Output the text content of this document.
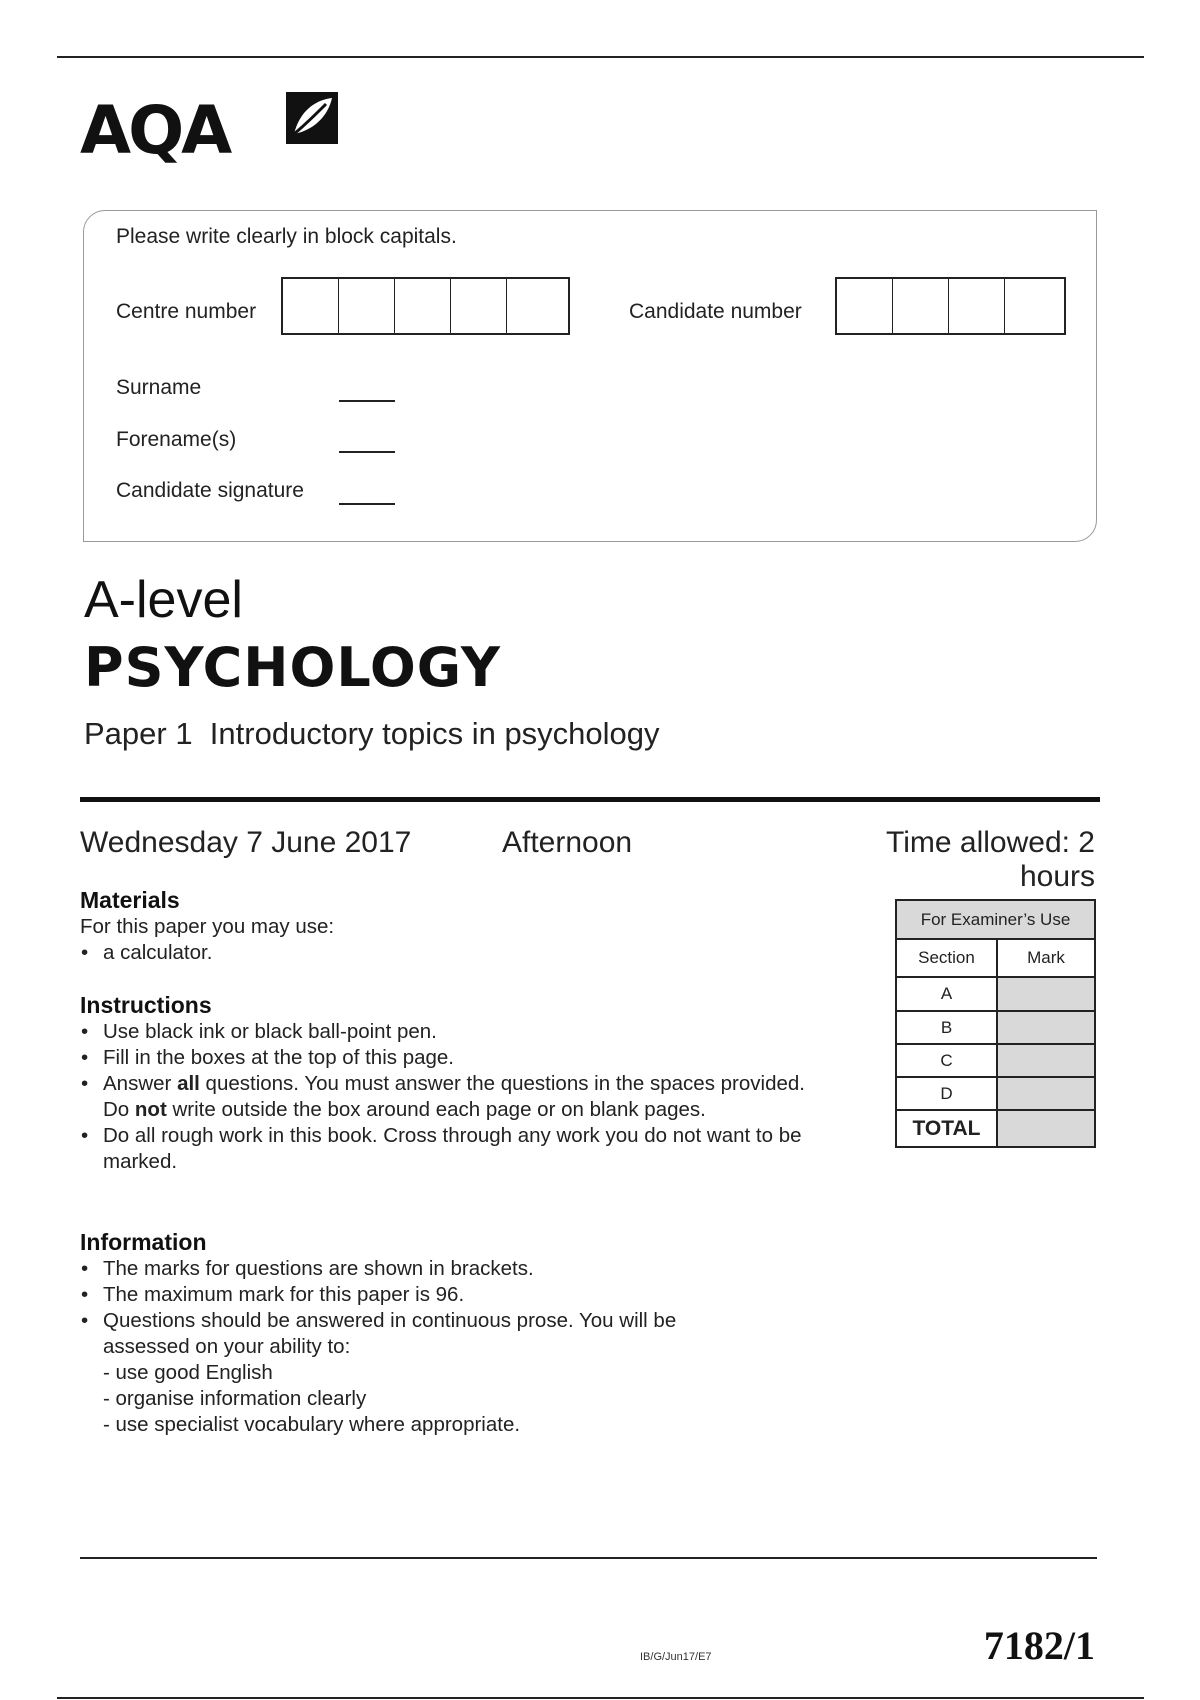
AQA
Please write clearly in block capitals.
Centre number	Candidate number
Surname
Forename(s)
Candidate signature
A-level
PSYCHOLOGY
Paper 1  Introductory topics in psychology
Wednesday 7 June 2017	Afternoon	Time allowed: 2 hours
Materials
For this paper you may use:
• a calculator.
Instructions
• Use black ink or black ball-point pen.
• Fill in the boxes at the top of this page.
• Answer all questions. You must answer the questions in the spaces provided. Do not write outside the box around each page or on blank pages.
• Do all rough work in this book. Cross through any work you do not want to be marked.
Information
• The marks for questions are shown in brackets.
• The maximum mark for this paper is 96.
• Questions should be answered in continuous prose. You will be assessed on your ability to:
- use good English
- organise information clearly
- use specialist vocabulary where appropriate.
For Examiner’s Use	
Section	Mark
A	
B	
C	
D	
TOTAL	
IB/G/Jun17/E7	7182/1
